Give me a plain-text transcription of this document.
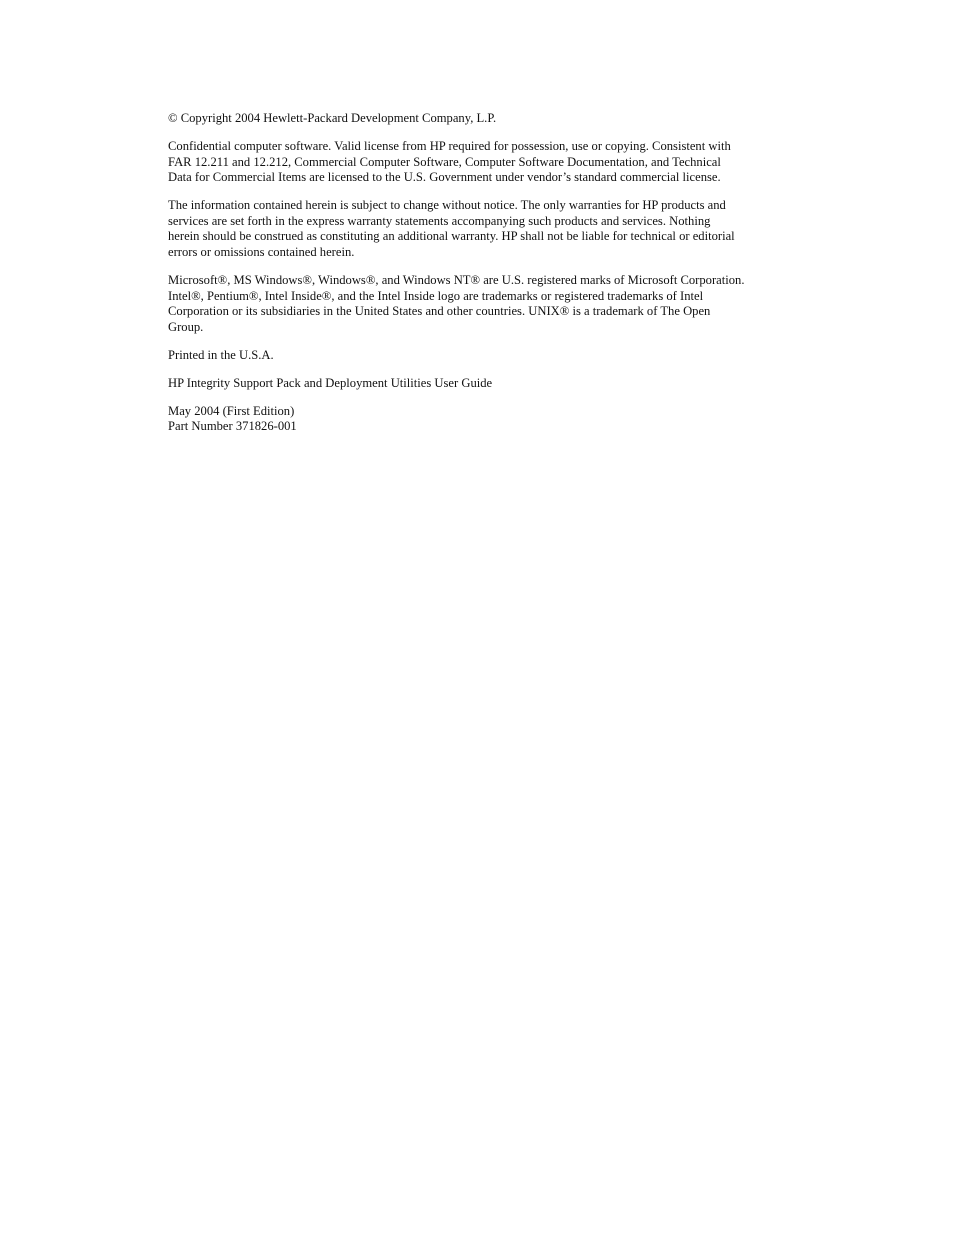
© Copyright 2004 Hewlett-Packard Development Company, L.P.

Confidential computer software. Valid license from HP required for possession, use or copying. Consistent with
FAR 12.211 and 12.212, Commercial Computer Software, Computer Software Documentation, and Technical
Data for Commercial Items are licensed to the U.S. Government under vendor’s standard commercial license.

The information contained herein is subject to change without notice. The only warranties for HP products and
services are set forth in the express warranty statements accompanying such products and services. Nothing
herein should be construed as constituting an additional warranty. HP shall not be liable for technical or editorial
errors or omissions contained herein.

Microsoft®, MS Windows®, Windows®, and Windows NT® are U.S. registered marks of Microsoft Corporation.
Intel®, Pentium®, Intel Inside®, and the Intel Inside logo are trademarks or registered trademarks of Intel
Corporation or its subsidiaries in the United States and other countries. UNIX® is a trademark of The Open
Group.

Printed in the U.S.A.

HP Integrity Support Pack and Deployment Utilities User Guide

May 2004 (First Edition)
Part Number 371826-001
